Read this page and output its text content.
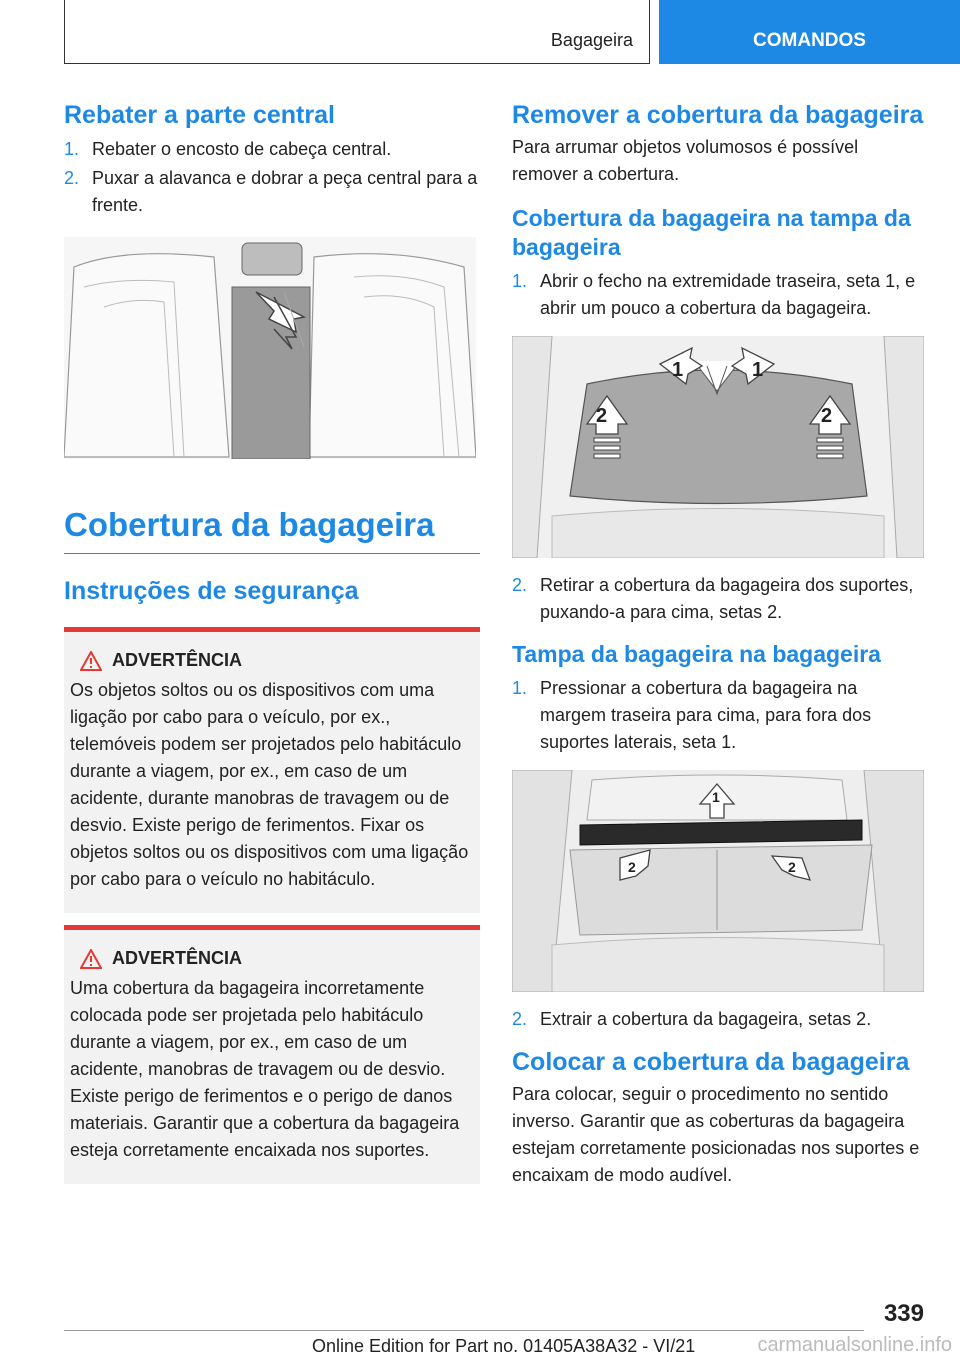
Bagageira	COMANDOS
Rebater a parte central
1. Rebater o encosto de cabeça central.
2. Puxar a alavanca e dobrar a peça central para a frente.
Cobertura da bagageira
Instruções de segurança
ADVERTÊNCIA

Os objetos soltos ou os dispositivos com uma ligação por cabo para o veículo, por ex., telemóveis podem ser projetados pelo habitáculo durante a viagem, por ex., em caso de um acidente, durante manobras de travagem ou de desvio. Existe perigo de ferimentos. Fixar os objetos soltos ou os dispositivos com uma ligação por cabo para o veículo no habitáculo.

ADVERTÊNCIA

Uma cobertura da bagageira incorretamente colocada pode ser projetada pelo habitáculo durante a viagem, por ex., em caso de um acidente, manobras de travagem ou de desvio. Existe perigo de ferimentos e o perigo de danos materiais. Garantir que a cobertura da bagageira esteja corretamente encaixada nos suportes.

Remover a cobertura da bagageira

Para arrumar objetos volumosos é possível remover a cobertura.

Cobertura da bagageira na tampa da bagageira
1. Abrir o fecho na extremidade traseira, seta 1, e abrir um pouco a cobertura da bagageira.
1	1
2	2
2. Retirar a cobertura da bagageira dos suportes, puxando-a para cima, setas 2.
Tampa da bagageira na bagageira
1. Pressionar a cobertura da bagageira na margem traseira para cima, para fora dos suportes laterais, seta 1.
1
2	2
2. Extrair a cobertura da bagageira, setas 2.
Colocar a cobertura da bagageira

Para colocar, seguir o procedimento no sentido inverso. Garantir que as coberturas da bagageira estejam corretamente posicionadas nos suportes e encaixam de modo audível.

339
Online Edition for Part no. 01405A38A32 - VI/21	carmanualsonline.info
